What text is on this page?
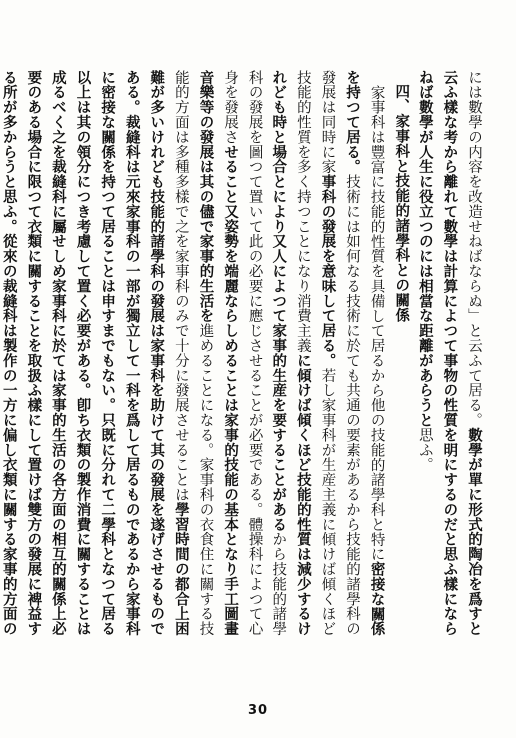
には數學の内容を改造せねばならぬ」と云ふて居る。數學が單に形式的陶冶を爲すと云ふ樣な考から離れて數學は計算によつて事物の性質を明にするのだと思ふ樣にならねば數學が人生に役立つのには相當な距離があらうと思ふ。

四、家事科と技能的諸學科との關係

家事科は豐富に技能的性質を具備して居るから他の技能的諸學科と特に密接な關係を持つて居る。技術には如何なる技術に於ても共通の要素があるから技能的諸學科の發展は同時に家事科の發展を意味して居る。若し家事科が生産主義に傾けば傾くほど技能的性質を多く持つことになり消費主義に傾けば傾くほど技能的性質は減少するけれども時と場合とにより又人によつて家事的生産を要することがあるから技能的諸學科の發展を圖つて置いて此の必要に應じさせることが必要である。體操科によつて心身を發展させること又姿勢を端麗ならしめることは家事的技能の基本となり手工圖畫音樂等の發展は其の儘で家事的生活を進めることになる。家事科の衣食住に關する技能的方面は多種多樣で之を家事科のみで十分に發展させることは學習時間の都合上困難が多いけれども技能的諸學科の發展は家事科を助けて其の發展を遂げさせるものである。裁縫科は元來家事科の一部が獨立して一科を爲して居るものであるから家事科に密接な關係を持つて居ることは申すまでもない。只既に分れて二學科となつて居る以上は其の領分につき考慮して置く必要がある。卽ち衣類の製作消費に關することは成るべく之を裁縫科に屬せしめ家事科に於ては家事的生活の各方面の相互的關係上必要のある場合に限つて衣類に關することを取扱ふ樣にして置けば雙方の發展に裨益する所が多からうと思ふ。從來の裁縫科は製作の一方に偏し衣類に關する家事的方面の

30
